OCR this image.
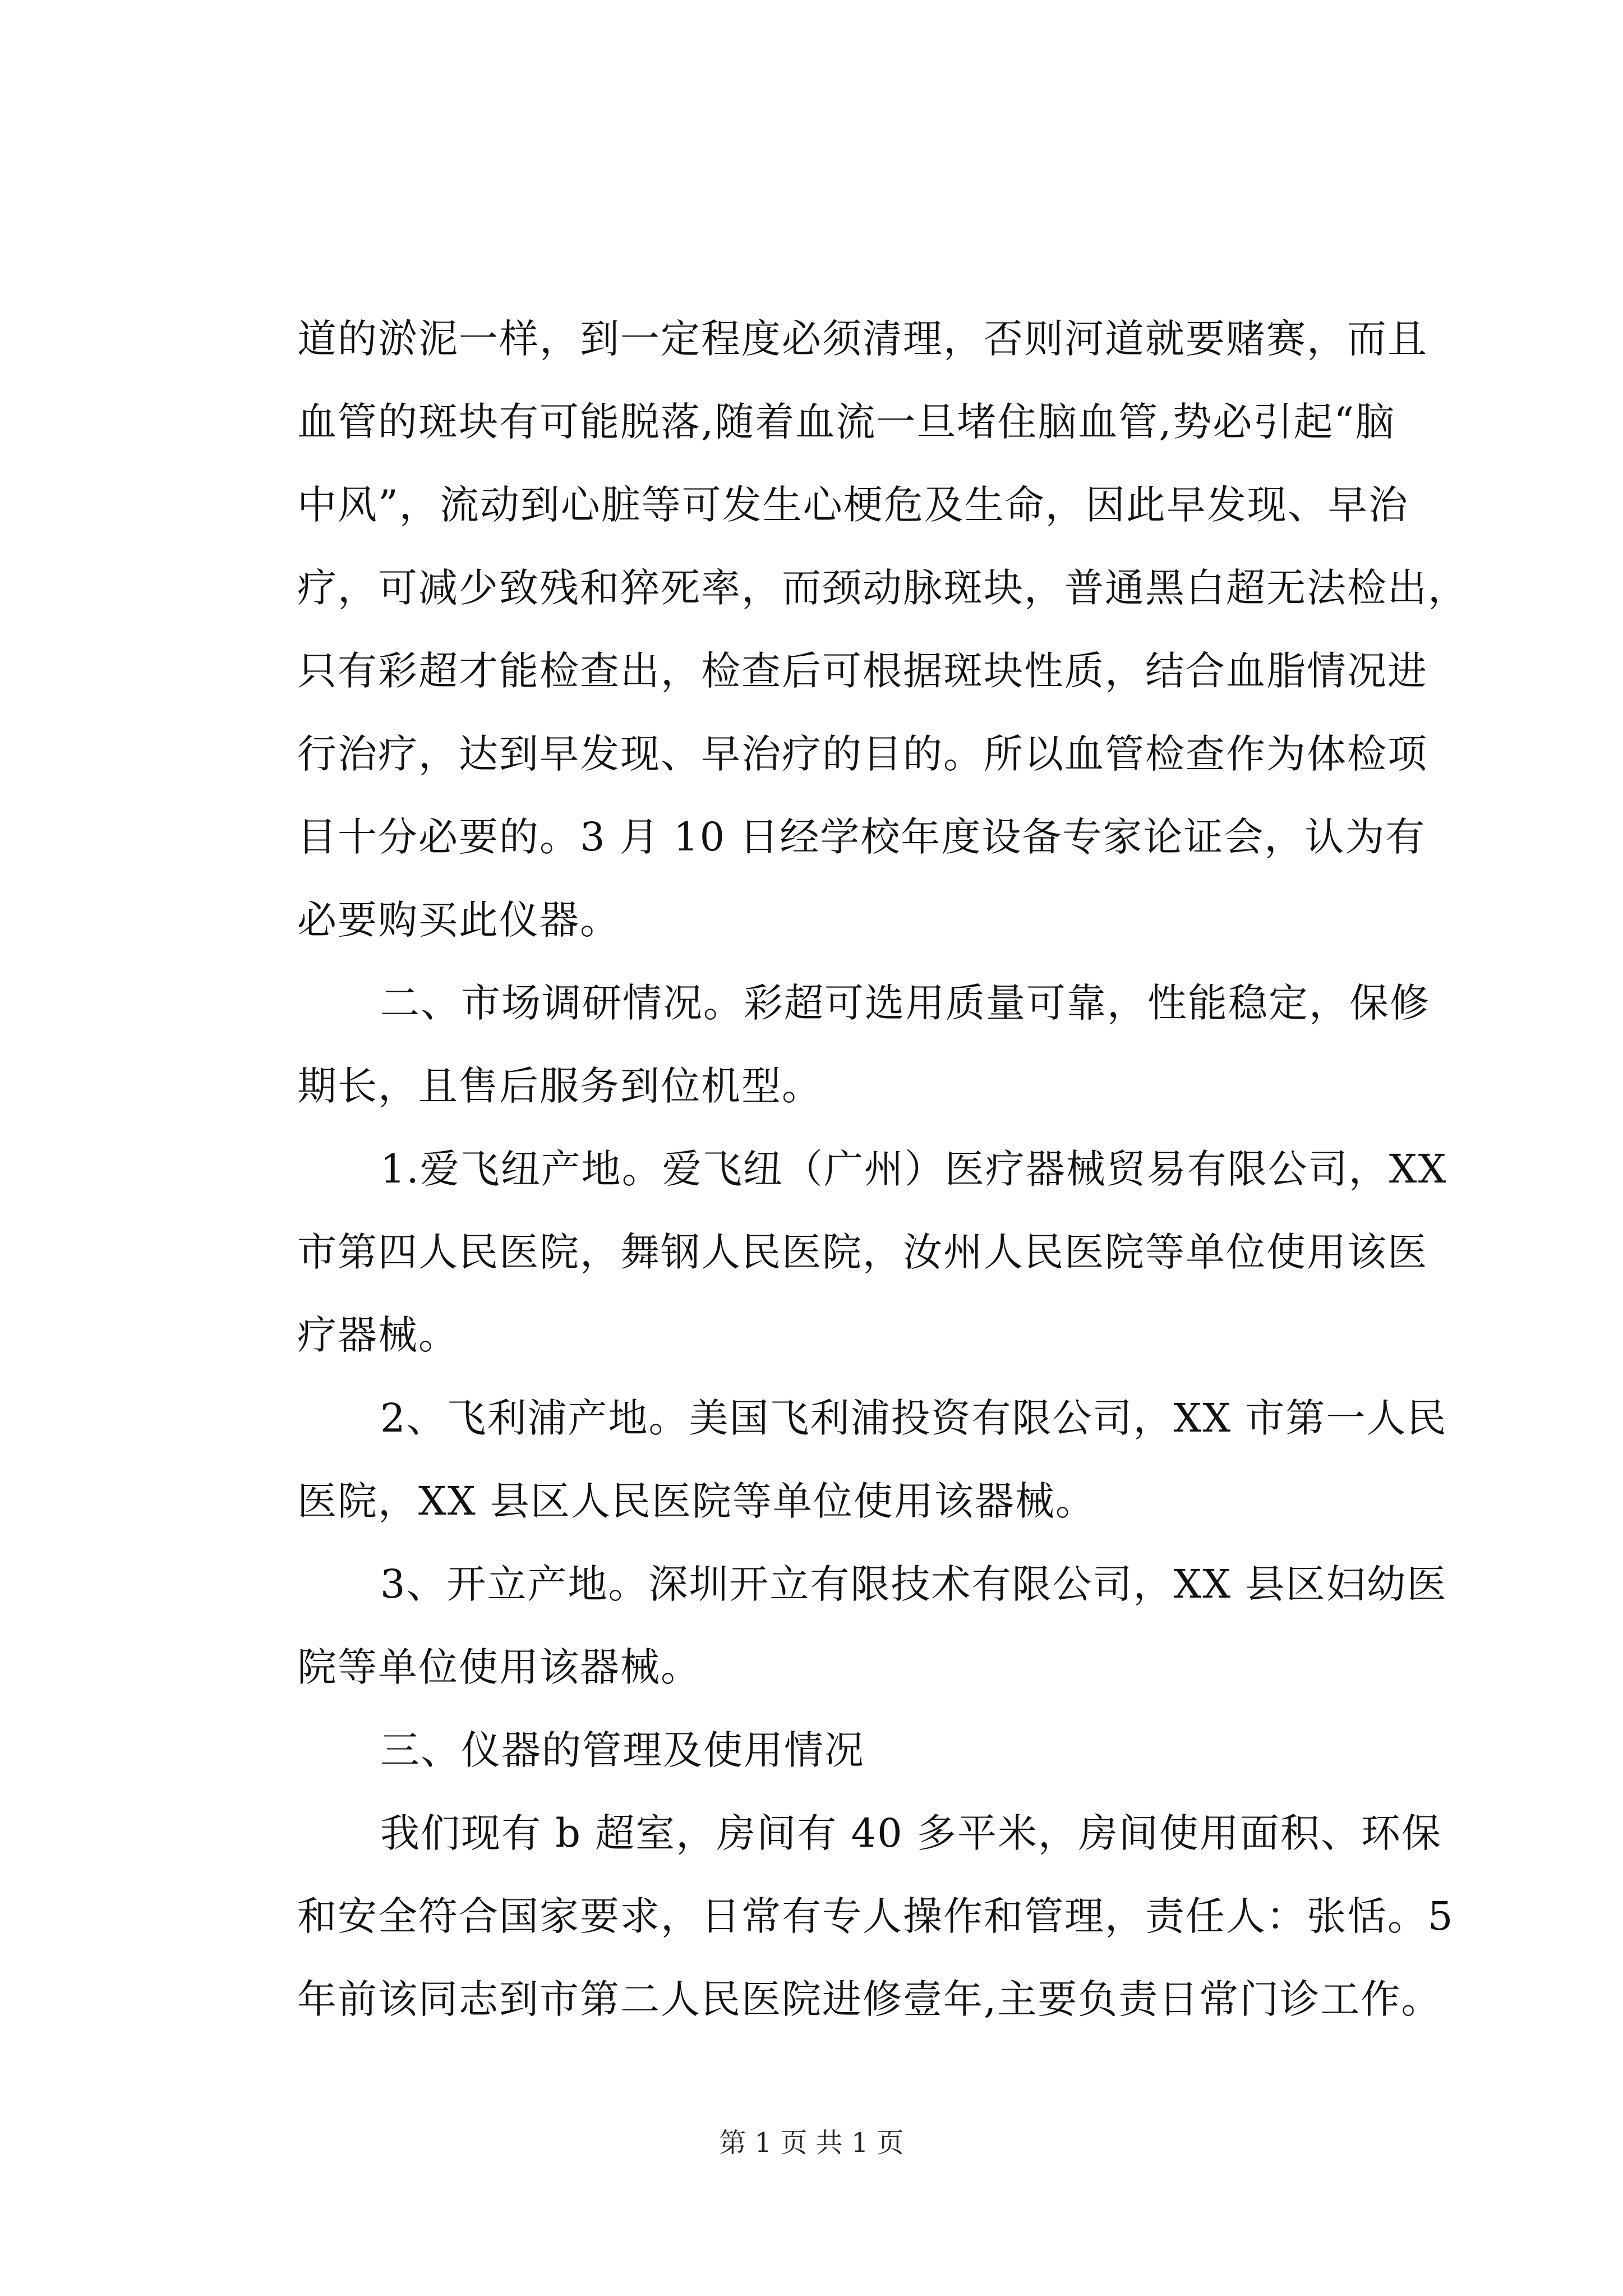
道的淤泥一样，到一定程度必须清理，否则河道就要赌赛，而且
血管的斑块有可能脱落,随着血流一旦堵住脑血管,势必引起“脑
中风”，流动到心脏等可发生心梗危及生命，因此早发现、早治
疗，可减少致残和猝死率，而颈动脉斑块，普通黑白超无法检出，
只有彩超才能检查出，检查后可根据斑块性质，结合血脂情况进
行治疗，达到早发现、早治疗的目的。所以血管检查作为体检项
目十分必要的。3 月 10 日经学校年度设备专家论证会，认为有
必要购买此仪器。
二、市场调研情况。彩超可选用质量可靠，性能稳定，保修
期长，且售后服务到位机型。
1.爱飞纽产地。爱飞纽（广州）医疗器械贸易有限公司，XX
市第四人民医院，舞钢人民医院，汝州人民医院等单位使用该医
疗器械。
2、飞利浦产地。美国飞利浦投资有限公司，XX 市第一人民
医院，XX 县区人民医院等单位使用该器械。
3、开立产地。深圳开立有限技术有限公司，XX 县区妇幼医
院等单位使用该器械。
三、仪器的管理及使用情况
我们现有 b 超室，房间有 40 多平米，房间使用面积、环保
和安全符合国家要求，日常有专人操作和管理，责任人：张恬。5
年前该同志到市第二人民医院进修壹年,主要负责日常门诊工作。
第 1 页 共 1 页
